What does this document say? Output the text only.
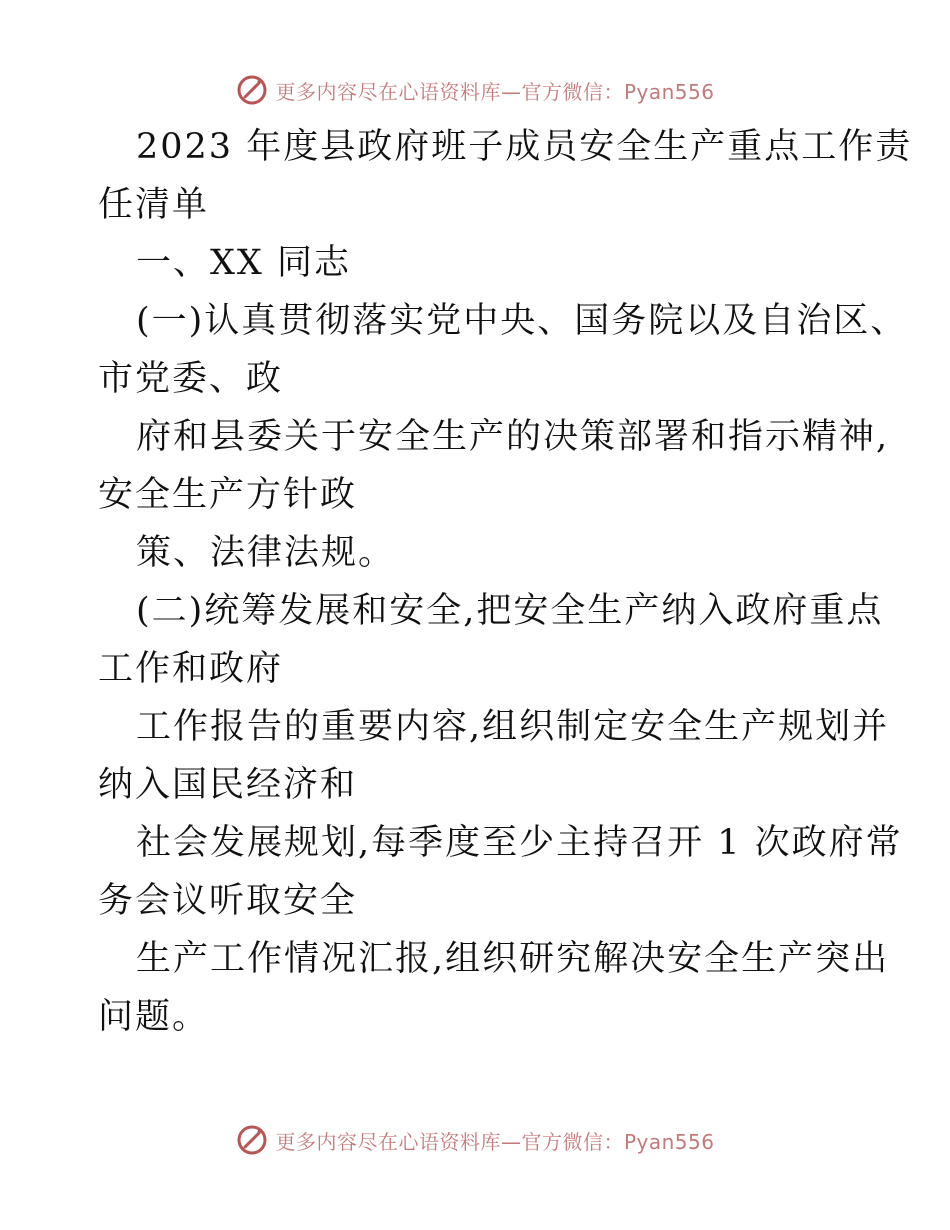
更多内容尽在心语资料库—官方微信：Pyan556
2023 年度县政府班子成员安全生产重点工作责
任清单
一、XX 同志
(一)认真贯彻落实党中央、国务院以及自治区、
市党委、政
府和县委关于安全生产的决策部署和指示精神,
安全生产方针政
策、法律法规。
(二)统筹发展和安全,把安全生产纳入政府重点
工作和政府
工作报告的重要内容,组织制定安全生产规划并
纳入国民经济和
社会发展规划,每季度至少主持召开 1 次政府常
务会议听取安全
生产工作情况汇报,组织研究解决安全生产突出
问题。
更多内容尽在心语资料库—官方微信：Pyan556
